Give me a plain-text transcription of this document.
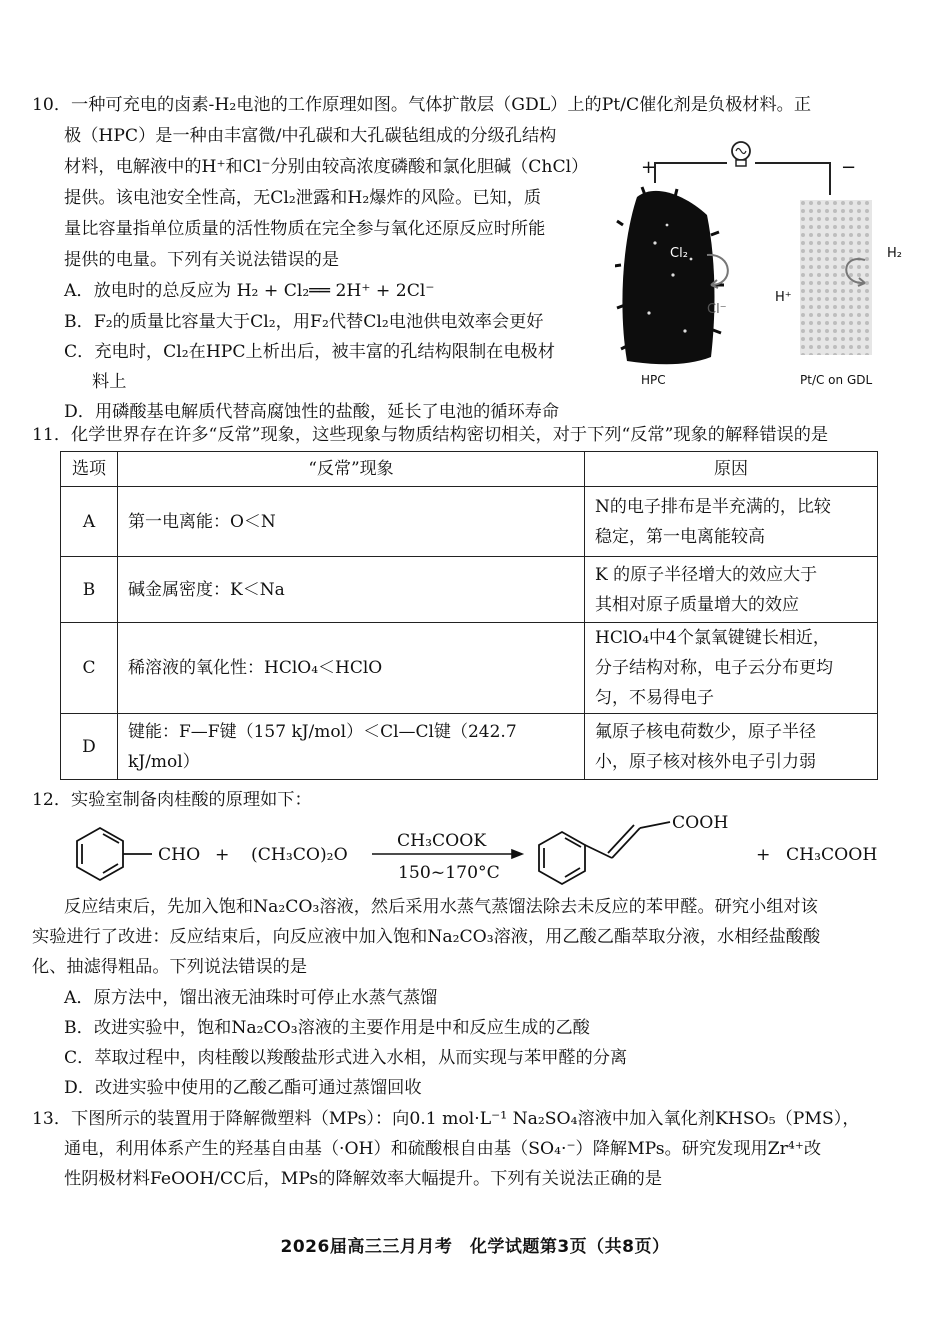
10．一种可充电的卤素-H₂电池的工作原理如图。气体扩散层（GDL）上的Pt/C催化剂是负极材料。正
极（HPC）是一种由丰富微/中孔碳和大孔碳毡组成的分级孔结构
材料，电解液中的H⁺和Cl⁻分别由较高浓度磷酸和氯化胆碱（ChCl）
提供。该电池安全性高，无Cl₂泄露和H₂爆炸的风险。已知，质
量比容量指单位质量的活性物质在完全参与氧化还原反应时所能
提供的电量。下列有关说法错误的是
A．放电时的总反应为 H₂ + Cl₂══ 2H⁺ + 2Cl⁻
B．F₂的质量比容量大于Cl₂，用F₂代替Cl₂电池供电效率会更好
C．充电时，Cl₂在HPC上析出后，被丰富的孔结构限制在电极材
料上
D．用磷酸基电解质代替高腐蚀性的盐酸，延长了电池的循环寿命
+	−
Cl₂
Cl⁻
H⁺
H₂
HPC	Pt/C on GDL
11．化学世界存在许多“反常”现象，这些现象与物质结构密切相关，对于下列“反常”现象的解释错误的是
选项	“反常”现象	原因
A	第一电离能：O＜N	N的电子排布是半充满的，比较
稳定，第一电离能较高

B	碱金属密度：K＜Na	K 的原子半径增大的效应大于
其相对原子质量增大的效应

C	稀溶液的氧化性：HClO₄＜HClO	HClO₄中4个氯氧键键长相近，
分子结构对称，电子云分布更均
匀，不易得电子

D	键能：F—F键（157 kJ/mol）＜Cl—Cl键（242.7 kJ/mol）	氟原子核电荷数少，原子半径
小，原子核对核外电子引力弱
12．实验室制备肉桂酸的原理如下：
CHO + (CH₃CO)₂O
CH₃COOK
150~170°C
COOH
+ CH₃COOH
反应结束后，先加入饱和Na₂CO₃溶液，然后采用水蒸气蒸馏法除去未反应的苯甲醛。研究小组对该
实验进行了改进：反应结束后，向反应液中加入饱和Na₂CO₃溶液，用乙酸乙酯萃取分液，水相经盐酸酸
化、抽滤得粗品。下列说法错误的是
A．原方法中，馏出液无油珠时可停止水蒸气蒸馏
B．改进实验中，饱和Na₂CO₃溶液的主要作用是中和反应生成的乙酸
C．萃取过程中，肉桂酸以羧酸盐形式进入水相，从而实现与苯甲醛的分离
D．改进实验中使用的乙酸乙酯可通过蒸馏回收
13．下图所示的装置用于降解微塑料（MPs）：向0.1 mol·L⁻¹ Na₂SO₄溶液中加入氧化剂KHSO₅（PMS），
通电，利用体系产生的羟基自由基（·OH）和硫酸根自由基（SO₄·⁻）降解MPs。研究发现用Zr⁴⁺改
性阴极材料FeOOH/CC后，MPs的降解效率大幅提升。下列有关说法正确的是
2026届高三三月月考　化学试题第3页（共8页）
